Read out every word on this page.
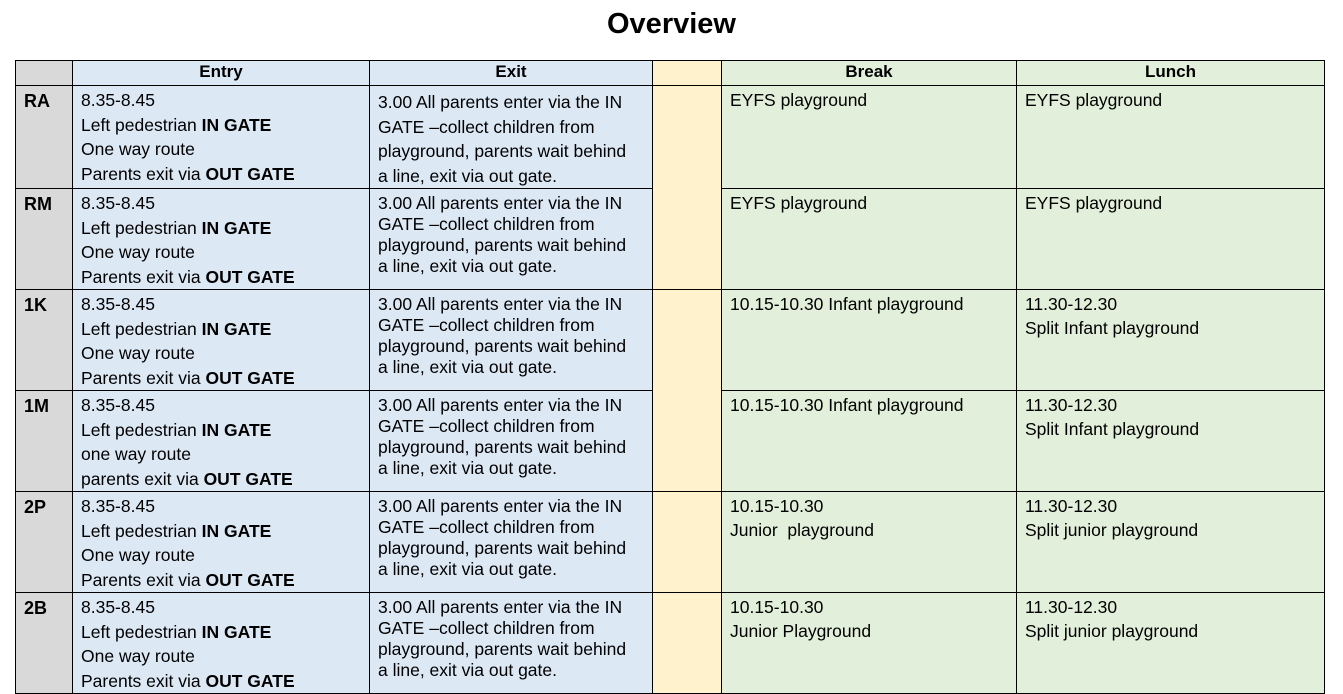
Overview
	Entry	Exit		Break	Lunch

RA	8.35-8.45
Left pedestrian IN GATE
One way route
Parents exit via OUT GATE	3.00 All parents enter via the IN
GATE –collect children from
playground, parents wait behind
a line, exit via out gate.		EYFS playground	EYFS playground

RM	8.35-8.45
Left pedestrian IN GATE
One way route
Parents exit via OUT GATE	3.00 All parents enter via the IN
GATE –collect children from
playground, parents wait behind
a line, exit via out gate.		EYFS playground	EYFS playground

1K	8.35-8.45
Left pedestrian IN GATE
One way route
Parents exit via OUT GATE	3.00 All parents enter via the IN
GATE –collect children from
playground, parents wait behind
a line, exit via out gate.		10.15-10.30 Infant playground	11.30-12.30
Split Infant playground

1M	8.35-8.45
Left pedestrian IN GATE
one way route
parents exit via OUT GATE	3.00 All parents enter via the IN
GATE –collect children from
playground, parents wait behind
a line, exit via out gate.		10.15-10.30 Infant playground	11.30-12.30
Split Infant playground

2P	8.35-8.45
Left pedestrian IN GATE
One way route
Parents exit via OUT GATE	3.00 All parents enter via the IN
GATE –collect children from
playground, parents wait behind
a line, exit via out gate.		10.15-10.30
Junior  playground	11.30-12.30
Split junior playground

2B	8.35-8.45
Left pedestrian IN GATE
One way route
Parents exit via OUT GATE	3.00 All parents enter via the IN
GATE –collect children from
playground, parents wait behind
a line, exit via out gate.		10.15-10.30
Junior Playground	11.30-12.30
Split junior playground
